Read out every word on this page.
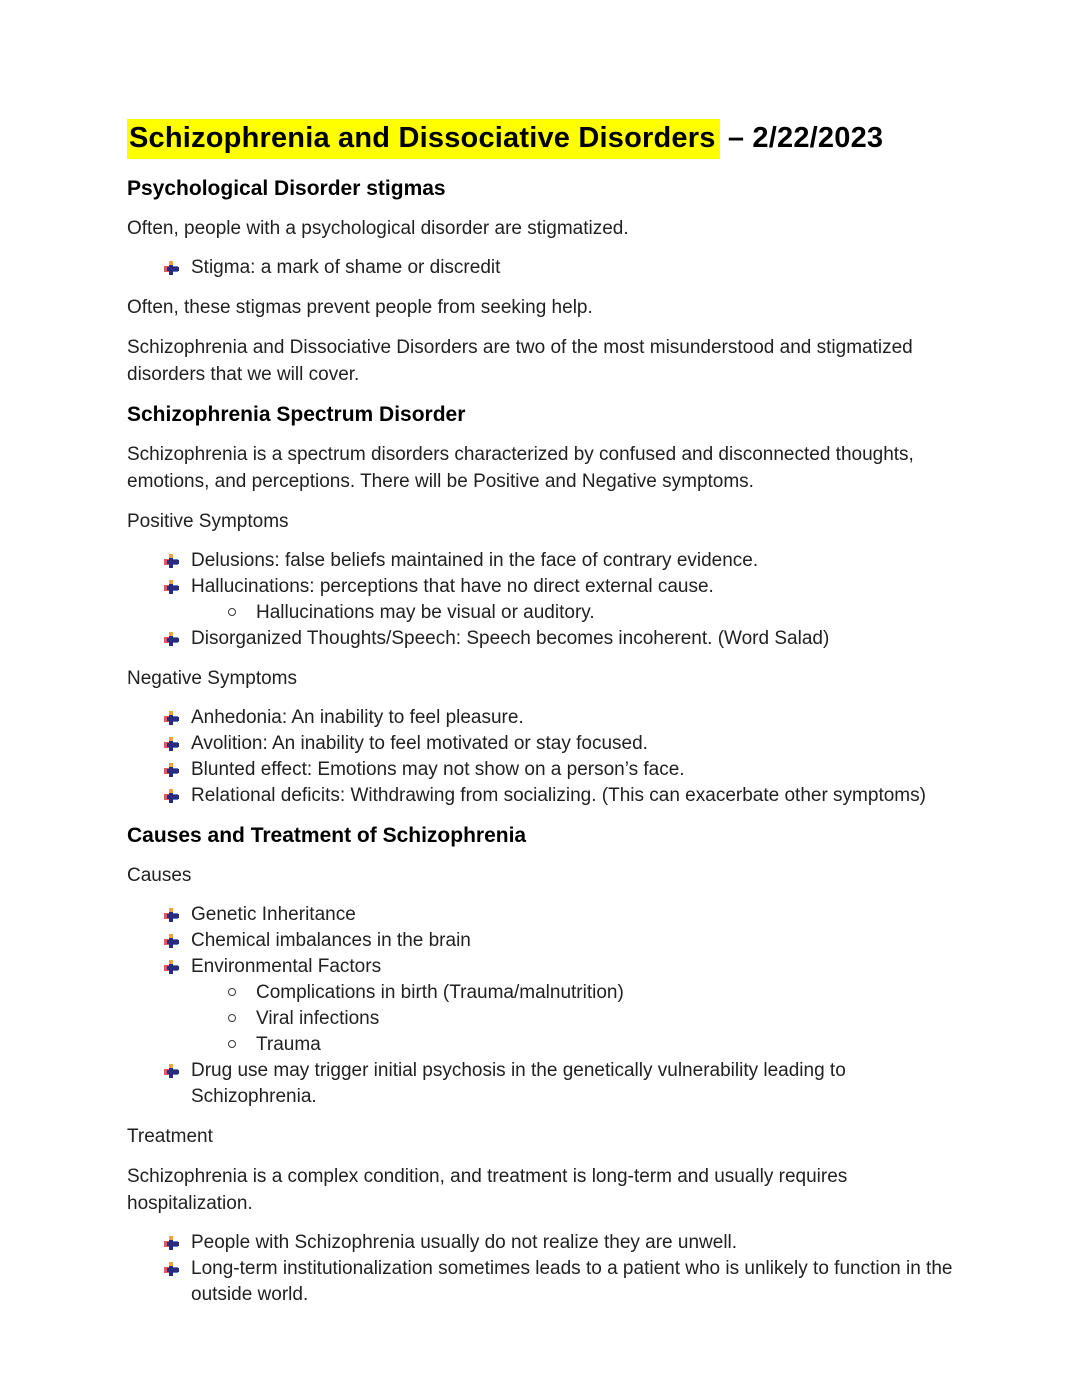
Schizophrenia and Dissociative Disorders – 2/22/2023
Psychological Disorder stigmas
Often, people with a psychological disorder are stigmatized.
Stigma: a mark of shame or discredit
Often, these stigmas prevent people from seeking help.
Schizophrenia and Dissociative Disorders are two of the most misunderstood and stigmatized disorders that we will cover.
Schizophrenia Spectrum Disorder
Schizophrenia is a spectrum disorders characterized by confused and disconnected thoughts, emotions, and perceptions. There will be Positive and Negative symptoms.
Positive Symptoms
Delusions: false beliefs maintained in the face of contrary evidence.
Hallucinations: perceptions that have no direct external cause.
Hallucinations may be visual or auditory.
Disorganized Thoughts/Speech: Speech becomes incoherent. (Word Salad)
Negative Symptoms
Anhedonia: An inability to feel pleasure.
Avolition: An inability to feel motivated or stay focused.
Blunted effect: Emotions may not show on a person’s face.
Relational deficits: Withdrawing from socializing. (This can exacerbate other symptoms)
Causes and Treatment of Schizophrenia
Causes
Genetic Inheritance
Chemical imbalances in the brain
Environmental Factors
Complications in birth (Trauma/malnutrition)
Viral infections
Trauma
Drug use may trigger initial psychosis in the genetically vulnerability leading to Schizophrenia.
Treatment
Schizophrenia is a complex condition, and treatment is long-term and usually requires hospitalization.
People with Schizophrenia usually do not realize they are unwell.
Long-term institutionalization sometimes leads to a patient who is unlikely to function in the outside world.
